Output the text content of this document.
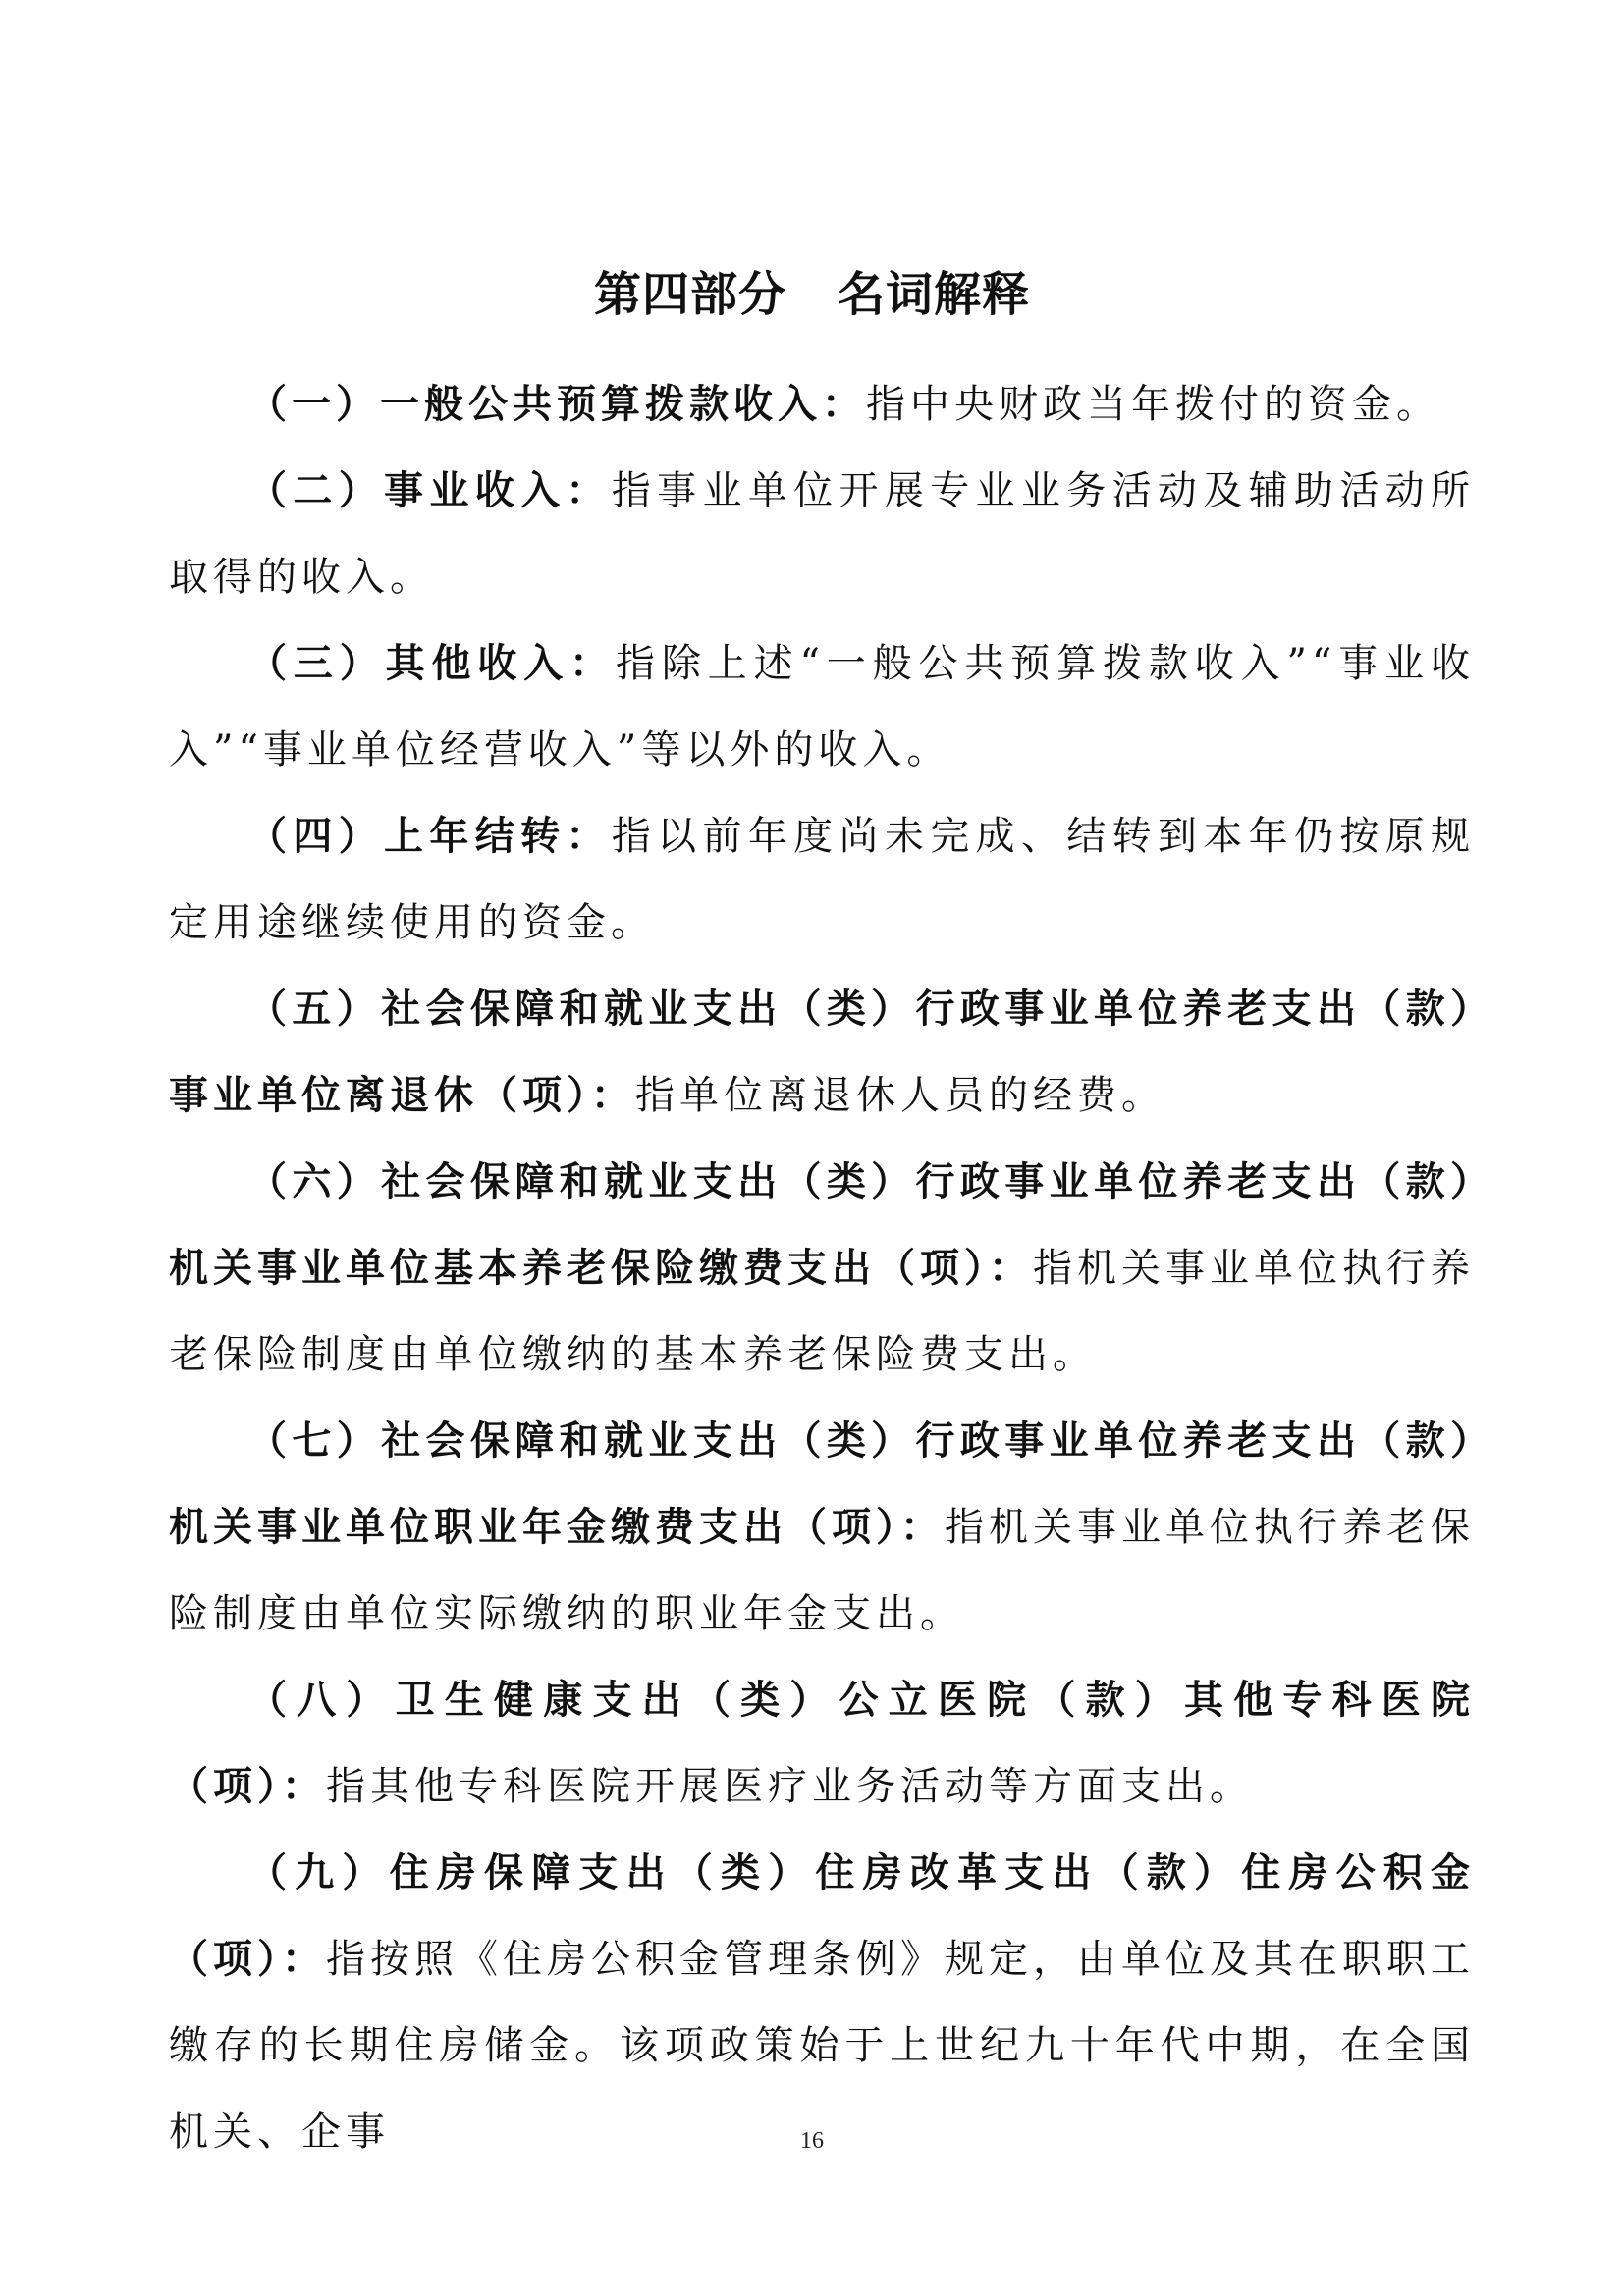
第四部分 名词解释

（一）一般公共预算拨款收入：指中央财政当年拨付的资金。

（二）事业收入：指事业单位开展专业业务活动及辅助活动所取得的收入。

（三）其他收入：指除上述“一般公共预算拨款收入”“事业收入”“事业单位经营收入”等以外的收入。

（四）上年结转：指以前年度尚未完成、结转到本年仍按原规定用途继续使用的资金。

（五）社会保障和就业支出（类）行政事业单位养老支出（款）事业单位离退休（项）：指单位离退休人员的经费。

（六）社会保障和就业支出（类）行政事业单位养老支出（款）机关事业单位基本养老保险缴费支出（项）：指机关事业单位执行养老保险制度由单位缴纳的基本养老保险费支出。

（七）社会保障和就业支出（类）行政事业单位养老支出（款）机关事业单位职业年金缴费支出（项）：指机关事业单位执行养老保险制度由单位实际缴纳的职业年金支出。

（八）卫生健康支出（类）公立医院（款）其他专科医院（项）：指其他专科医院开展医疗业务活动等方面支出。

（九）住房保障支出（类）住房改革支出（款）住房公积金（项）：指按照《住房公积金管理条例》规定，由单位及其在职职工缴存的长期住房储金。该项政策始于上世纪九十年代中期，在全国机关、企事	16
